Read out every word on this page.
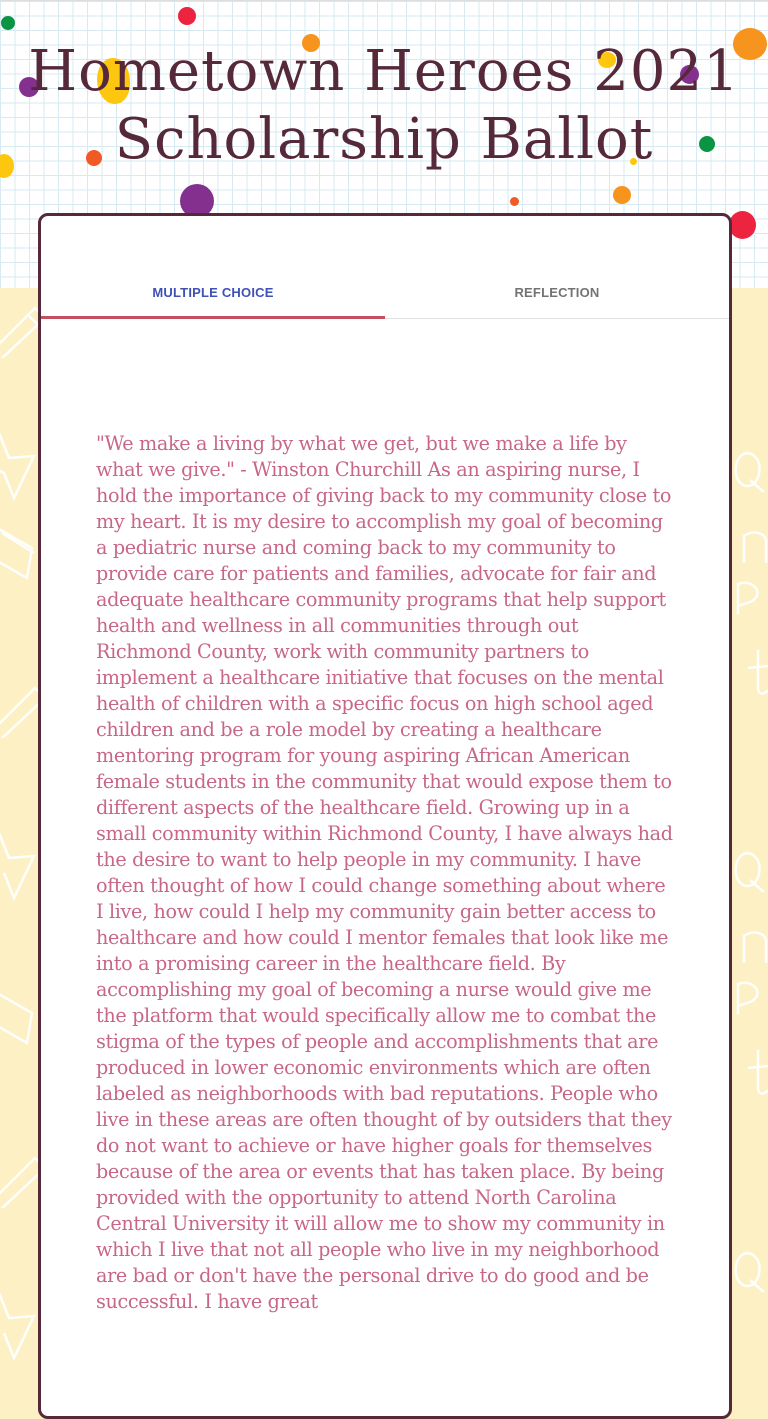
Hometown Heroes 2021 Scholarship Ballot
MULTIPLE CHOICE	REFLECTION

"We make a living by what we get, but we make a life by what we give." - Winston Churchill As an aspiring nurse, I hold the importance of giving back to my community close to my heart. It is my desire to accomplish my goal of becoming a pediatric nurse and coming back to my community to provide care for patients and families, advocate for fair and adequate healthcare community programs that help support health and wellness in all communities through out Richmond County, work with community partners to implement a healthcare initiative that focuses on the mental health of children with a specific focus on high school aged children and be a role model by creating a healthcare mentoring program for young aspiring African American female students in the community that would expose them to different aspects of the healthcare field. Growing up in a small community within Richmond County, I have always had the desire to want to help people in my community. I have often thought of how I could change something about where I live, how could I help my community gain better access to healthcare and how could I mentor females that look like me into a promising career in the healthcare field. By accomplishing my goal of becoming a nurse would give me the platform that would specifically allow me to combat the stigma of the types of people and accomplishments that are produced in lower economic environments which are often labeled as neighborhoods with bad reputations. People who live in these areas are often thought of by outsiders that they do not want to achieve or have higher goals for themselves because of the area or events that has taken place. By being provided with the opportunity to attend North Carolina Central University it will allow me to show my community in which I live that not all people who live in my neighborhood are bad or don't have the personal drive to do good and be successful. I have great
